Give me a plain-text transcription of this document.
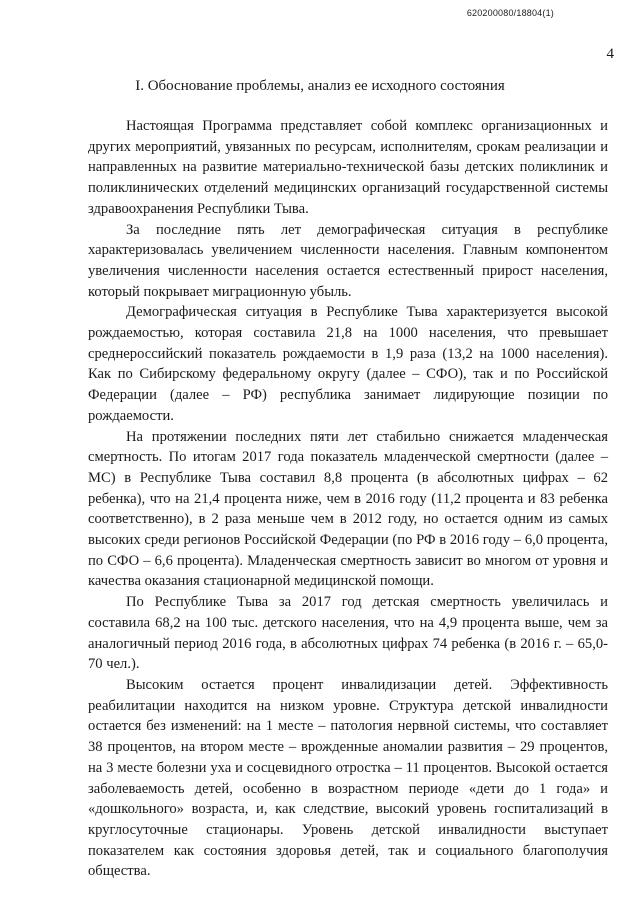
620200080/18804(1)
4
I. Обоснование проблемы, анализ ее исходного состояния

Настоящая Программа представляет собой комплекс организационных и других мероприятий, увязанных по ресурсам, исполнителям, срокам реализации и направленных на развитие материально-технической базы детских поликлиник и поликлинических отделений медицинских организаций государственной системы здравоохранения Республики Тыва.

За последние пять лет демографическая ситуация в республике характеризовалась увеличением численности населения. Главным компонентом увеличения численности населения остается естественный прирост населения, который покрывает миграционную убыль.

Демографическая ситуация в Республике Тыва характеризуется высокой рождаемостью, которая составила 21,8 на 1000 населения, что превышает среднероссийский показатель рождаемости в 1,9 раза (13,2 на 1000 населения). Как по Сибирскому федеральному округу (далее – СФО), так и по Российской Федерации (далее – РФ) республика занимает лидирующие позиции по рождаемости.

На протяжении последних пяти лет стабильно снижается младенческая смертность. По итогам 2017 года показатель младенческой смертности (далее – МС) в Республике Тыва составил 8,8 процента (в абсолютных цифрах – 62 ребенка), что на 21,4 процента ниже, чем в 2016 году (11,2 процента и 83 ребенка соответственно), в 2 раза меньше чем в 2012 году, но остается одним из самых высоких среди регионов Российской Федерации (по РФ в 2016 году – 6,0 процента, по СФО – 6,6 процента). Младенческая смертность зависит во многом от уровня и качества оказания стационарной медицинской помощи.

По Республике Тыва за 2017 год детская смертность увеличилась и составила 68,2 на 100 тыс. детского населения, что на 4,9 процента выше, чем за аналогичный период 2016 года, в абсолютных цифрах 74 ребенка (в 2016 г. – 65,0-70 чел.).

Высоким остается процент инвалидизации детей. Эффективность реабилитации находится на низком уровне. Структура детской инвалидности остается без изменений: на 1 месте – патология нервной системы, что составляет 38 процентов, на втором месте – врожденные аномалии развития – 29 процентов, на 3 месте болезни уха и сосцевидного отростка – 11 процентов. Высокой остается заболеваемость детей, особенно в возрастном периоде «дети до 1 года» и «дошкольного» возраста, и, как следствие, высокий уровень госпитализаций в круглосуточные стационары. Уровень детской инвалидности выступает показателем как состояния здоровья детей, так и социального благополучия общества.
